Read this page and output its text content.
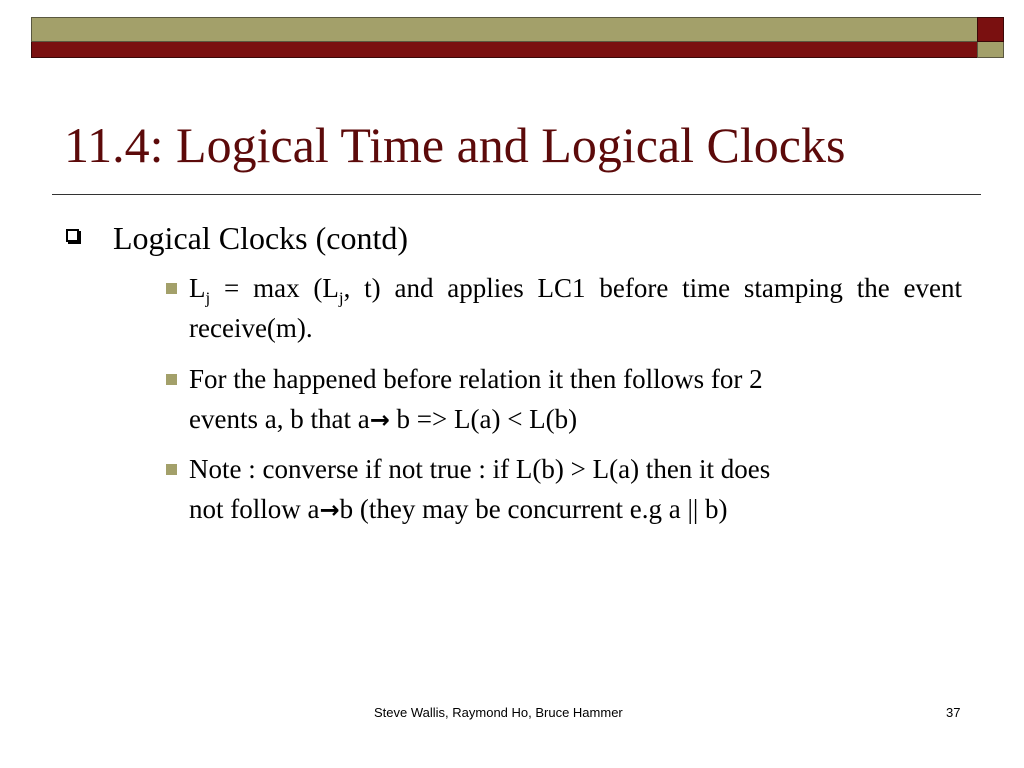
11.4: Logical Time and Logical Clocks
Logical Clocks (contd)
$L_j = \max (L_j$, t) and applies LC1 before time stamping the event receive(m).
For the happened before relation it then follows for 2
events a, b that a→ b => L(a) < L(b)
Note : converse if not true : if L(b) > L(a) then it does
not follow a→b (they may be concurrent e.g a || b)
Steve Wallis, Raymond Ho, Bruce Hammer	37
